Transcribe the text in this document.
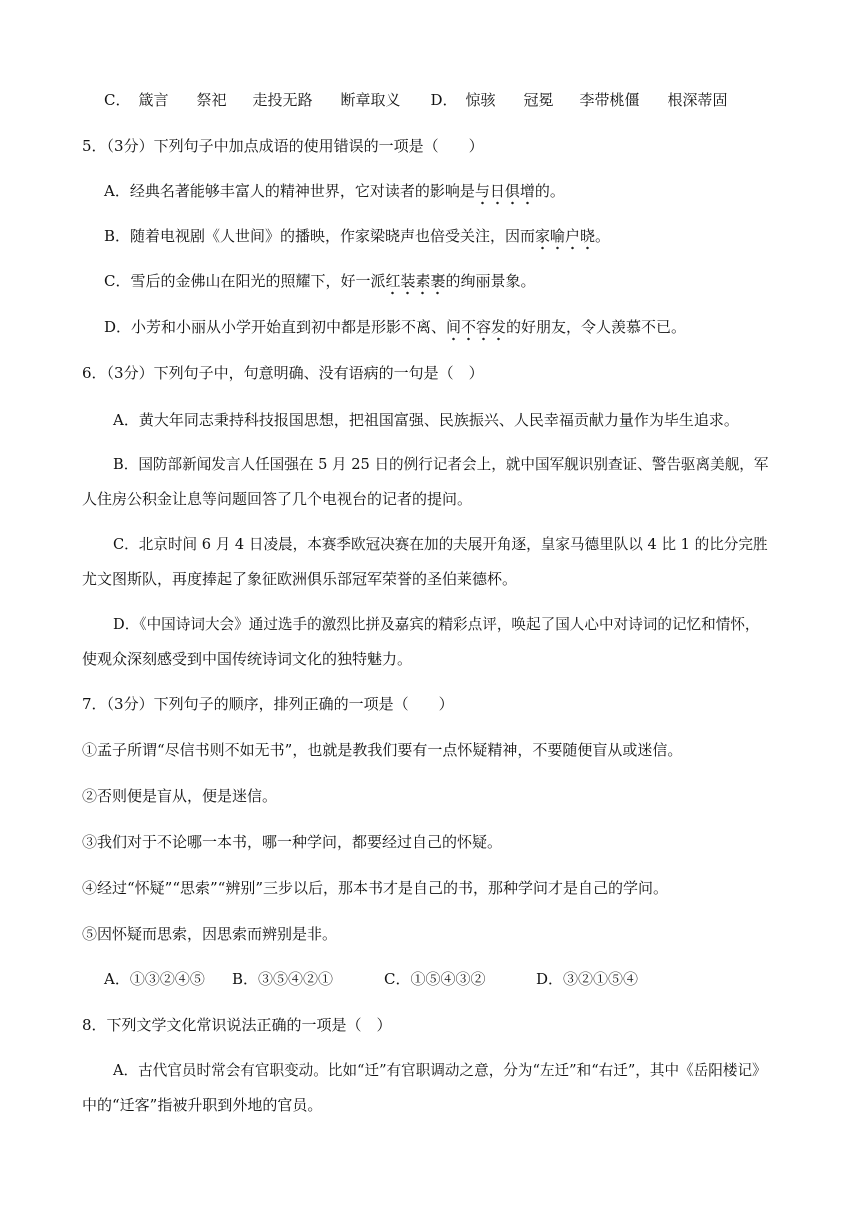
C． 箴言 祭祀 走投无路 断章取义 D． 惊骇 冠冕 李带桃僵 根深蒂固
5．（3分）下列句子中加点成语的使用错误的一项是（　　）
A．经典名著能够丰富人的精神世界，它对读者的影响是与日俱增的。
B．随着电视剧《人世间》的播映，作家梁晓声也倍受关注，因而家喻户晓。
C．雪后的金佛山在阳光的照耀下，好一派红装素裹的绚丽景象。
D．小芳和小丽从小学开始直到初中都是形影不离、间不容发的好朋友，令人羡慕不已。
6．（3分）下列句子中，句意明确、没有语病的一句是（　）
A．黄大年同志秉持科技报国思想，把祖国富强、民族振兴、人民幸福贡献力量作为毕生追求。
B．国防部新闻发言人任国强在 5 月 25 日的例行记者会上，就中国军舰识别查证、警告驱离美舰，军
人住房公积金让息等问题回答了几个电视台的记者的提问。
C．北京时间 6 月 4 日凌晨，本赛季欧冠决赛在加的夫展开角逐，皇家马德里队以 4 比 1 的比分完胜
尤文图斯队，再度捧起了象征欧洲俱乐部冠军荣誉的圣伯莱德杯。
D．《中国诗词大会》通过选手的激烈比拼及嘉宾的精彩点评，唤起了国人心中对诗词的记忆和情怀，
使观众深刻感受到中国传统诗词文化的独特魅力。
7．（3分）下列句子的顺序，排列正确的一项是（　　）
①孟子所谓“尽信书则不如无书”，也就是教我们要有一点怀疑精神，不要随便盲从或迷信。
②否则便是盲从，便是迷信。
③我们对于不论哪一本书，哪一种学问，都要经过自己的怀疑。
④经过“怀疑”“思索”“辨别”三步以后，那本书才是自己的书，那种学问才是自己的学问。
⑤因怀疑而思索，因思索而辨别是非。
A．①③②④⑤ B．③⑤④②①	C．①⑤④③②	D．③②①⑤④
8．下列文学文化常识说法正确的一项是（　）
A．古代官员时常会有官职变动。比如“迁”有官职调动之意，分为“左迁”和“右迁”，其中《岳阳楼记》
中的“迁客”指被升职到外地的官员。
